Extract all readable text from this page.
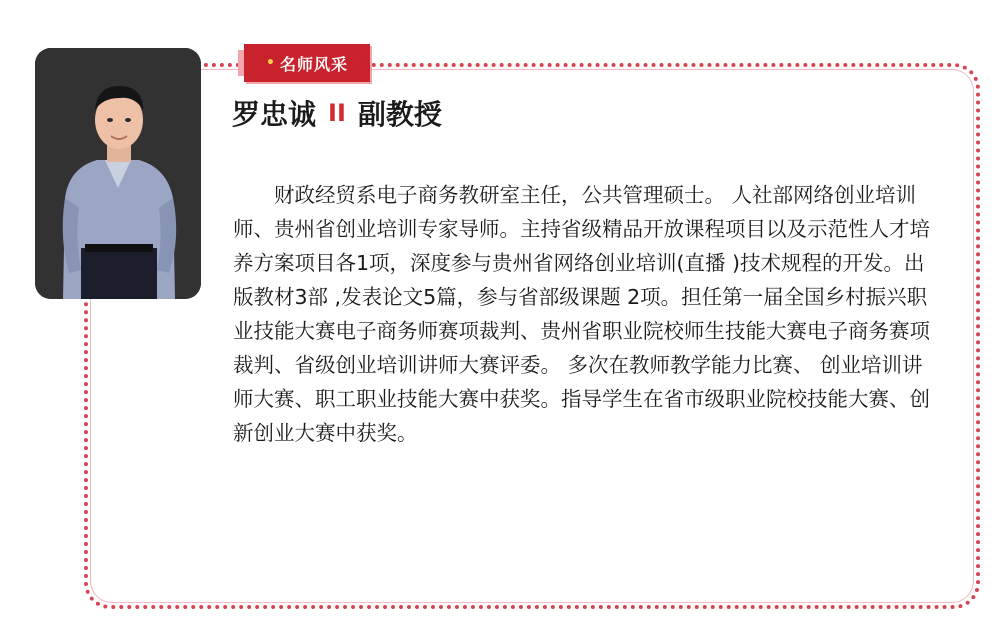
• 名师风采
罗忠诚 II 副教授

财政经贸系电子商务教研室主任，公共管理硕士。 人社部网络创业培训师、贵州省创业培训专家导师。主持省级精品开放课程项目以及示范性人才培养方案项目各1项，深度参与贵州省网络创业培训(直播 )技术规程的开发。出版教材3部 ,发表论文5篇，参与省部级课题 2项。担任第一届全国乡村振兴职业技能大赛电子商务师赛项裁判、贵州省职业院校师生技能大赛电子商务赛项裁判、省级创业培训讲师大赛评委。 多次在教师教学能力比赛、 创业培训讲师大赛、职工职业技能大赛中获奖。指导学生在省市级职业院校技能大赛、创新创业大赛中获奖。
